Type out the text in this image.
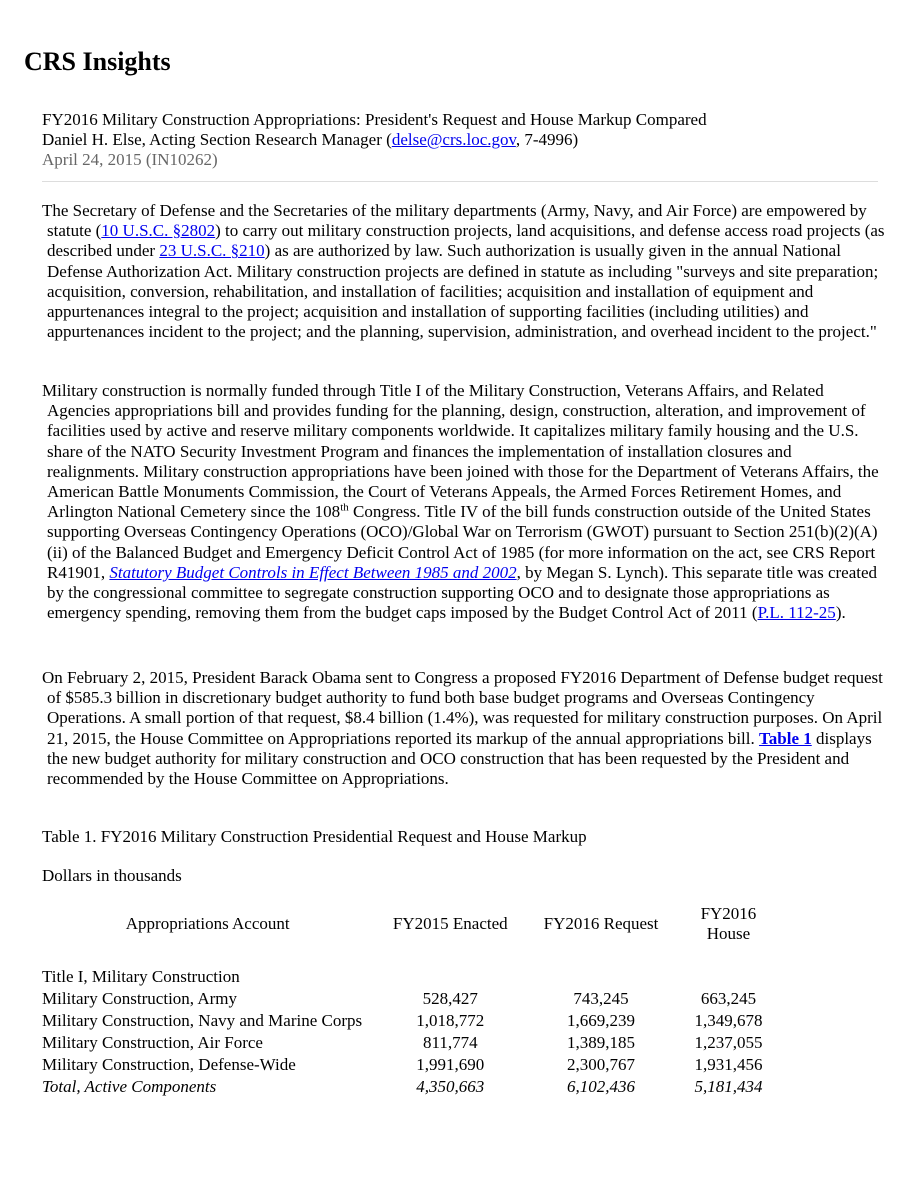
CRS Insights
FY2016 Military Construction Appropriations: President's Request and House Markup Compared
Daniel H. Else, Acting Section Research Manager (delse@crs.loc.gov, 7-4996)
April 24, 2015 (IN10262)

The Secretary of Defense and the Secretaries of the military departments (Army, Navy, and Air Force) are empowered by statute (10 U.S.C. §2802) to carry out military construction projects, land acquisitions, and defense access road projects (as described under 23 U.S.C. §210) as are authorized by law. Such authorization is usually given in the annual National Defense Authorization Act. Military construction projects are defined in statute as including "surveys and site preparation; acquisition, conversion, rehabilitation, and installation of facilities; acquisition and installation of equipment and appurtenances integral to the project; acquisition and installation of supporting facilities (including utilities) and appurtenances incident to the project; and the planning, supervision, administration, and overhead incident to the project."

Military construction is normally funded through Title I of the Military Construction, Veterans Affairs, and Related Agencies appropriations bill and provides funding for the planning, design, construction, alteration, and improvement of facilities used by active and reserve military components worldwide. It capitalizes military family housing and the U.S. share of the NATO Security Investment Program and finances the implementation of installation closures and realignments. Military construction appropriations have been joined with those for the Department of Veterans Affairs, the American Battle Monuments Commission, the Court of Veterans Appeals, the Armed Forces Retirement Homes, and Arlington National Cemetery since the 108th Congress. Title IV of the bill funds construction outside of the United States supporting Overseas Contingency Operations (OCO)/Global War on Terrorism (GWOT) pursuant to Section 251(b)(2)(A)(ii) of the Balanced Budget and Emergency Deficit Control Act of 1985 (for more information on the act, see CRS Report R41901, Statutory Budget Controls in Effect Between 1985 and 2002, by Megan S. Lynch). This separate title was created by the congressional committee to segregate construction supporting OCO and to designate those appropriations as emergency spending, removing them from the budget caps imposed by the Budget Control Act of 2011 (P.L. 112-25).

On February 2, 2015, President Barack Obama sent to Congress a proposed FY2016 Department of Defense budget request of $585.3 billion in discretionary budget authority to fund both base budget programs and Overseas Contingency Operations. A small portion of that request, $8.4 billion (1.4%), was requested for military construction purposes. On April 21, 2015, the House Committee on Appropriations reported its markup of the annual appropriations bill. Table 1 displays the new budget authority for military construction and OCO construction that has been requested by the President and recommended by the House Committee on Appropriations.

Table 1. FY2016 Military Construction Presidential Request and House Markup

Dollars in thousands

Appropriations Account	FY2015 Enacted	FY2016 Request	FY2016 House
Title I, Military Construction			
Military Construction, Army	528,427	743,245	663,245
Military Construction, Navy and Marine Corps	1,018,772	1,669,239	1,349,678
Military Construction, Air Force	811,774	1,389,185	1,237,055
Military Construction, Defense-Wide	1,991,690	2,300,767	1,931,456
Total, Active Components	4,350,663	6,102,436	5,181,434
